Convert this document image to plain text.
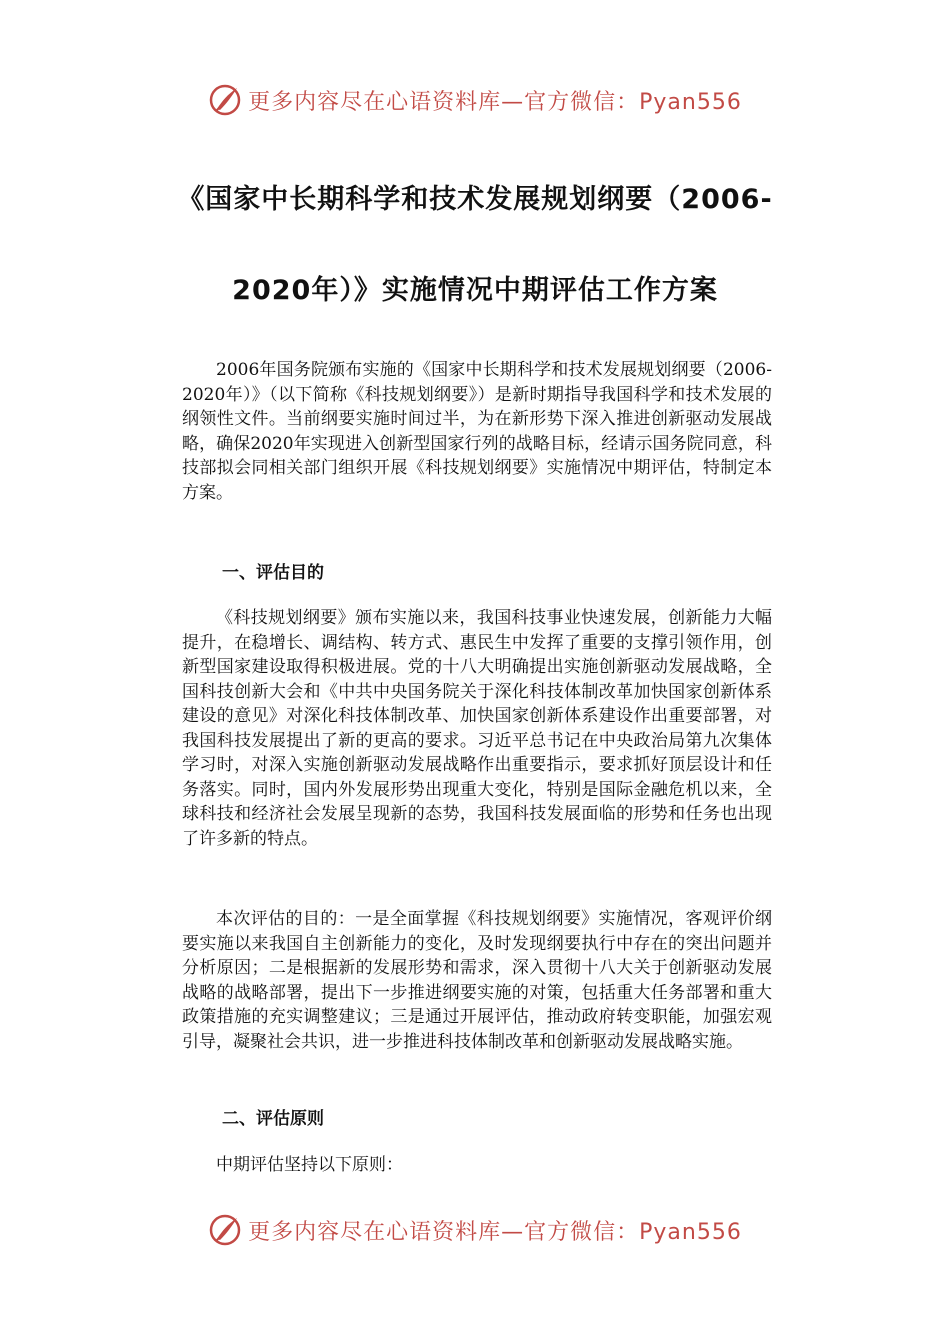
更多内容尽在心语资料库—官方微信：Pyan556
《国家中长期科学和技术发展规划纲要（2006-
2020年）》实施情况中期评估工作方案

2006年国务院颁布实施的《国家中长期科学和技术发展规划纲要（2006-2020年）》（以下简称《科技规划纲要》）是新时期指导我国科学和技术发展的纲领性文件。当前纲要实施时间过半，为在新形势下深入推进创新驱动发展战略，确保2020年实现进入创新型国家行列的战略目标，经请示国务院同意，科技部拟会同相关部门组织开展《科技规划纲要》实施情况中期评估，特制定本方案。

一、评估目的

《科技规划纲要》颁布实施以来，我国科技事业快速发展，创新能力大幅提升，在稳增长、调结构、转方式、惠民生中发挥了重要的支撑引领作用，创新型国家建设取得积极进展。党的十八大明确提出实施创新驱动发展战略，全国科技创新大会和《中共中央国务院关于深化科技体制改革加快国家创新体系建设的意见》对深化科技体制改革、加快国家创新体系建设作出重要部署，对我国科技发展提出了新的更高的要求。习近平总书记在中央政治局第九次集体学习时，对深入实施创新驱动发展战略作出重要指示，要求抓好顶层设计和任务落实。同时，国内外发展形势出现重大变化，特别是国际金融危机以来，全球科技和经济社会发展呈现新的态势，我国科技发展面临的形势和任务也出现了许多新的特点。

本次评估的目的：一是全面掌握《科技规划纲要》实施情况，客观评价纲要实施以来我国自主创新能力的变化，及时发现纲要执行中存在的突出问题并分析原因；二是根据新的发展形势和需求，深入贯彻十八大关于创新驱动发展战略的战略部署，提出下一步推进纲要实施的对策，包括重大任务部署和重大政策措施的充实调整建议；三是通过开展评估，推动政府转变职能，加强宏观引导，凝聚社会共识，进一步推进科技体制改革和创新驱动发展战略实施。

二、评估原则

中期评估坚持以下原则：

更多内容尽在心语资料库—官方微信：Pyan556
